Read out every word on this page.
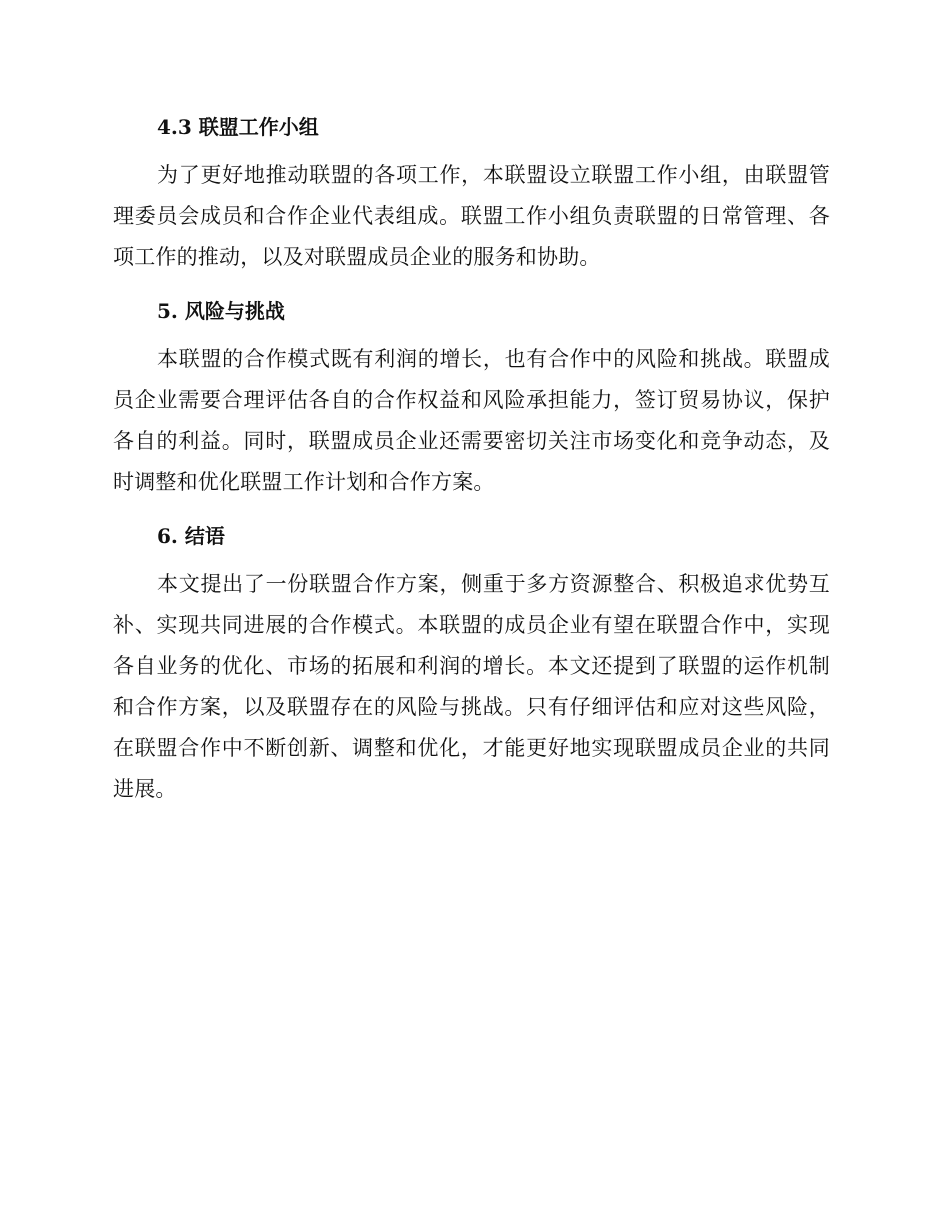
4.3 联盟工作小组

为了更好地推动联盟的各项工作，本联盟设立联盟工作小组，由联盟管理委员会成员和合作企业代表组成。联盟工作小组负责联盟的日常管理、各项工作的推动，以及对联盟成员企业的服务和协助。

5. 风险与挑战

本联盟的合作模式既有利润的增长，也有合作中的风险和挑战。联盟成员企业需要合理评估各自的合作权益和风险承担能力，签订贸易协议，保护各自的利益。同时，联盟成员企业还需要密切关注市场变化和竞争动态，及时调整和优化联盟工作计划和合作方案。

6. 结语

本文提出了一份联盟合作方案，侧重于多方资源整合、积极追求优势互补、实现共同进展的合作模式。本联盟的成员企业有望在联盟合作中，实现各自业务的优化、市场的拓展和利润的增长。本文还提到了联盟的运作机制和合作方案，以及联盟存在的风险与挑战。只有仔细评估和应对这些风险，在联盟合作中不断创新、调整和优化，才能更好地实现联盟成员企业的共同进展。
